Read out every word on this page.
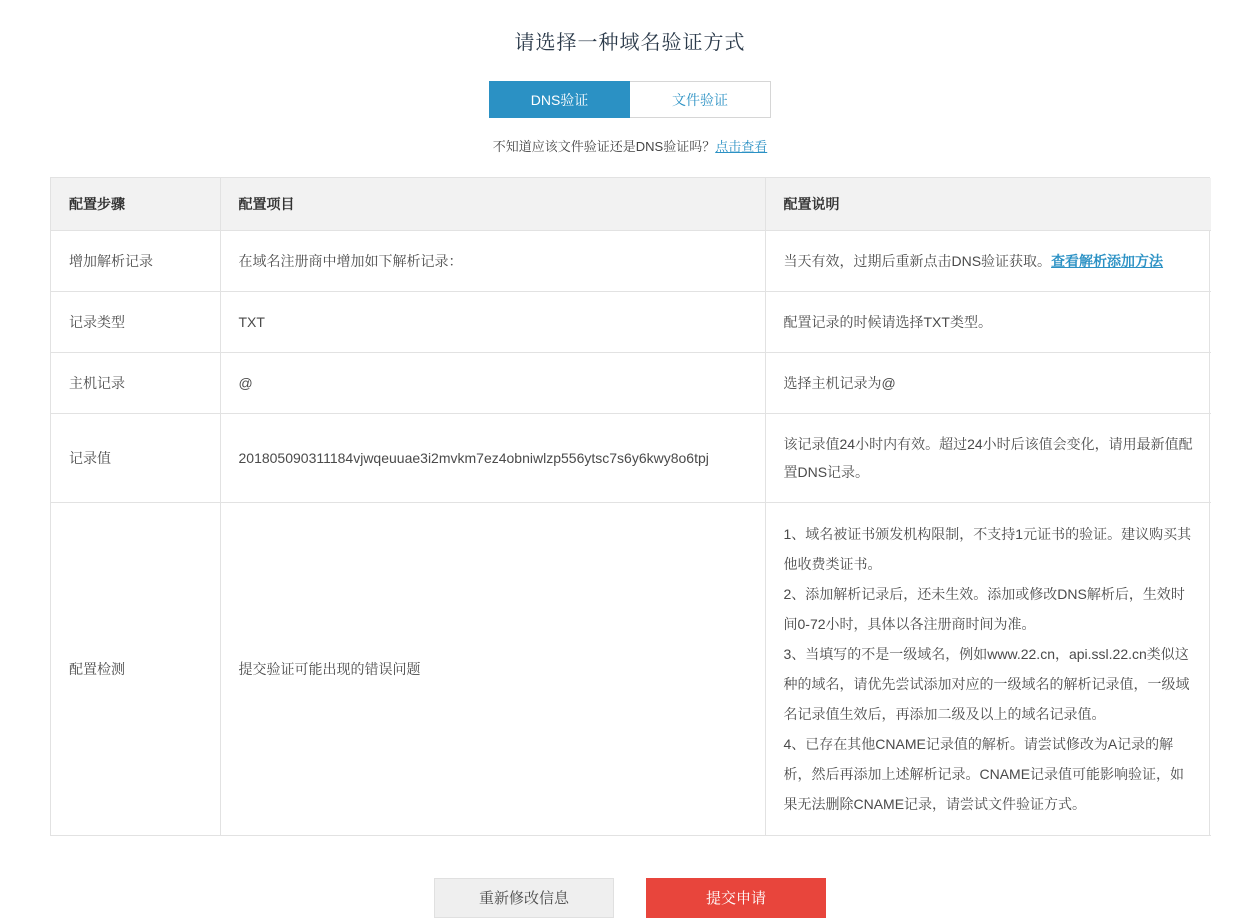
请选择一种域名验证方式
DNS验证	文件验证
不知道应该文件验证还是DNS验证吗？点击查看
配置步骤	配置项目	配置说明
增加解析记录	在域名注册商中增加如下解析记录：	当天有效，过期后重新点击DNS验证获取。查看解析添加方法
记录类型	TXT	配置记录的时候请选择TXT类型。
主机记录	@	选择主机记录为@
记录值	201805090311184vjwqeuuae3i2mvkm7ez4obniwlzp556ytsc7s6y6kwy8o6tpj	该记录值24小时内有效。超过24小时后该值会变化，请用最新值配置DNS记录。
配置检测	提交验证可能出现的错误问题	1、域名被证书颁发机构限制，不支持1元证书的验证。建议购买其他收费类证书。

2、添加解析记录后，还未生效。添加或修改DNS解析后，生效时间0-72小时，具体以各注册商时间为准。

3、当填写的不是一级域名，例如www.22.cn，api.ssl.22.cn类似这种的域名，请优先尝试添加对应的一级域名的解析记录值，一级域名记录值生效后，再添加二级及以上的域名记录值。

4、已存在其他CNAME记录值的解析。请尝试修改为A记录的解析，然后再添加上述解析记录。CNAME记录值可能影响验证，如果无法删除CNAME记录，请尝试文件验证方式。

重新修改信息	提交申请
